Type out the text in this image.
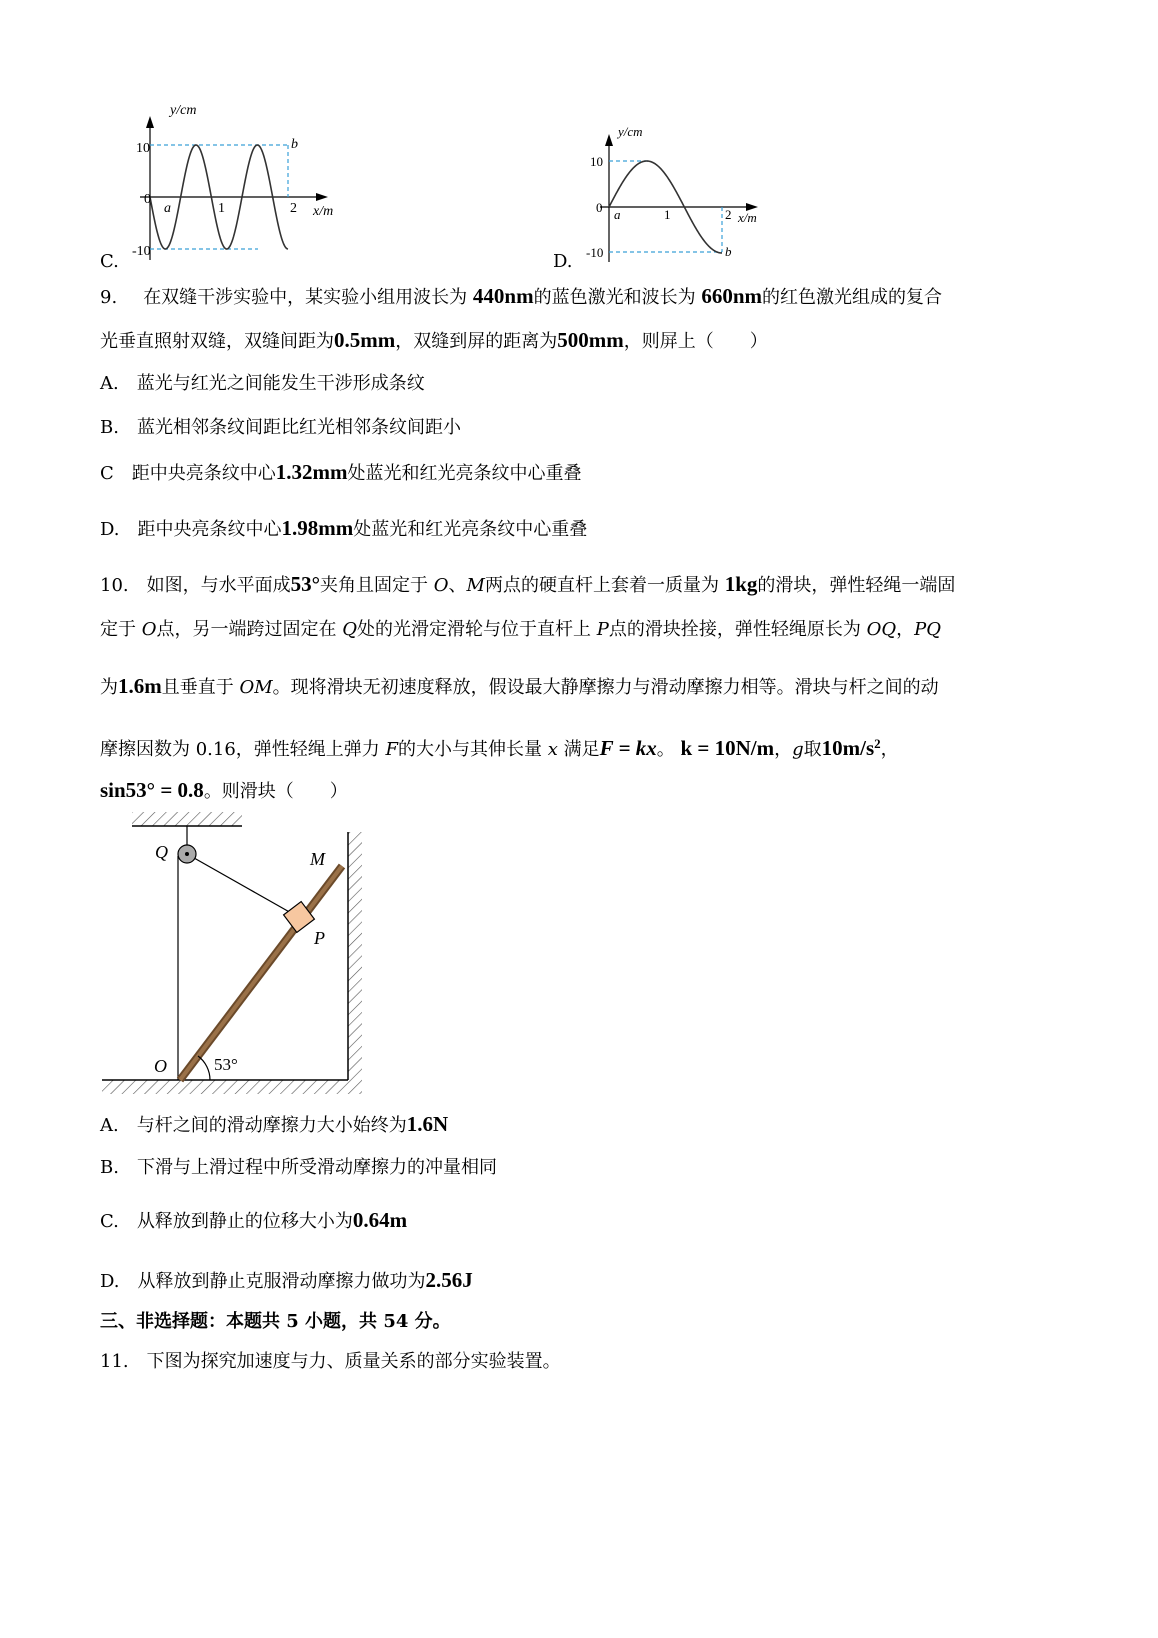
C.
y/cm
x/m
10
0
-10
1	2
a
b
D.
y/cm
x/m
10
0
-10
1	2
a
b
9. 在双缝干涉实验中，某实验小组用波长为 440nm的蓝色激光和波长为 660nm的红色激光组成的复合
光垂直照射双缝，双缝间距为0.5mm，双缝到屏的距离为500mm，则屏上（　　）
A.　蓝光与红光之间能发生干涉形成条纹
B.　蓝光相邻条纹间距比红光相邻条纹间距小
C　距中央亮条纹中心1.32mm处蓝光和红光亮条纹中心重叠
D.　距中央亮条纹中心1.98mm处蓝光和红光亮条纹中心重叠
10.　 如图，与水平面成53°夹角且固定于 O、M两点的硬直杆上套着一质量为 1kg的滑块，弹性轻绳一端固
定于 O点，另一端跨过固定在 Q处的光滑定滑轮与位于直杆上 P点的滑块拴接，弹性轻绳原长为 OQ，PQ
为1.6m且垂直于 OM。现将滑块无初速度释放，假设最大静摩擦力与滑动摩擦力相等。滑块与杆之间的动
摩擦因数为 0.16，弹性轻绳上弹力 F的大小与其伸长量 x 满足F = kx。 k = 10N/m，g取$10m/s^2$，
sin53° = 0.8。则滑块（　　）
Q	M
P
O	53°
A.　与杆之间的滑动摩擦力大小始终为1.6N
B.　下滑与上滑过程中所受滑动摩擦力的冲量相同
C.　从释放到静止的位移大小为0.64m
D.　从释放到静止克服滑动摩擦力做功为2.56J
三、非选择题：本题共 5 小题，共 54 分。
11.　下图为探究加速度与力、质量关系的部分实验装置。
